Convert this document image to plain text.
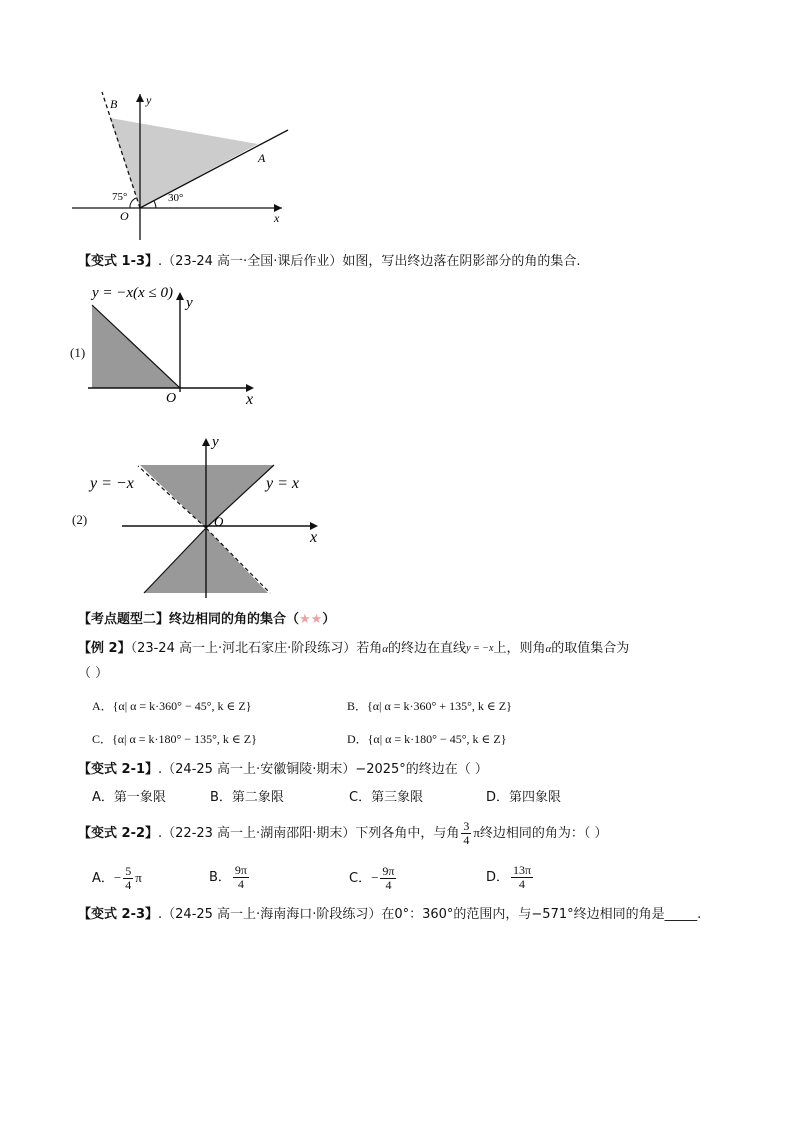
B y
A
O	x
75°	30°
【变式 1-3】.（23-24 高一·全国·课后作业）如图，写出终边落在阴影部分的角的集合.
(1)
y = −x(x ≤ 0)
y
O	x
(2)
y = −x	y = x
y
O
x
【考点题型二】终边相同的角的集合（★★）
【例 2】（23-24 高一上·河北石家庄·阶段练习）若角$^\alpha$的终边在直线$^{y = -x}$上，则角$^\alpha$的取值集合为
（ ）
A．{α| α = k·360° − 45°, k ∈ Z}	B．{α| α = k·360° + 135°, k ∈ Z}
C．{α| α = k·180° − 135°, k ∈ Z}	D．{α| α = k·180° − 45°, k ∈ Z}
【变式 2-1】.（24-25 高一上·安徽铜陵·期末）−2025°的终边在（ ）
A．第一象限	B．第二象限	C．第三象限	D．第四象限
【变式 2-2】.（22-23 高一上·湖南邵阳·期末）下列各角中，与角 $\frac{3}{4}$ π终边相同的角为：（ ）
A．− $\frac{5}{4}$ π	B． $\frac{9\pi}{4}$	C．− $\frac{9\pi}{4}$	D． $\frac{13\pi}{4}$
【变式 2-3】.（24-25 高一上·海南海口·阶段练习）在0°：360°的范围内，与−571°终边相同的角是_____.
